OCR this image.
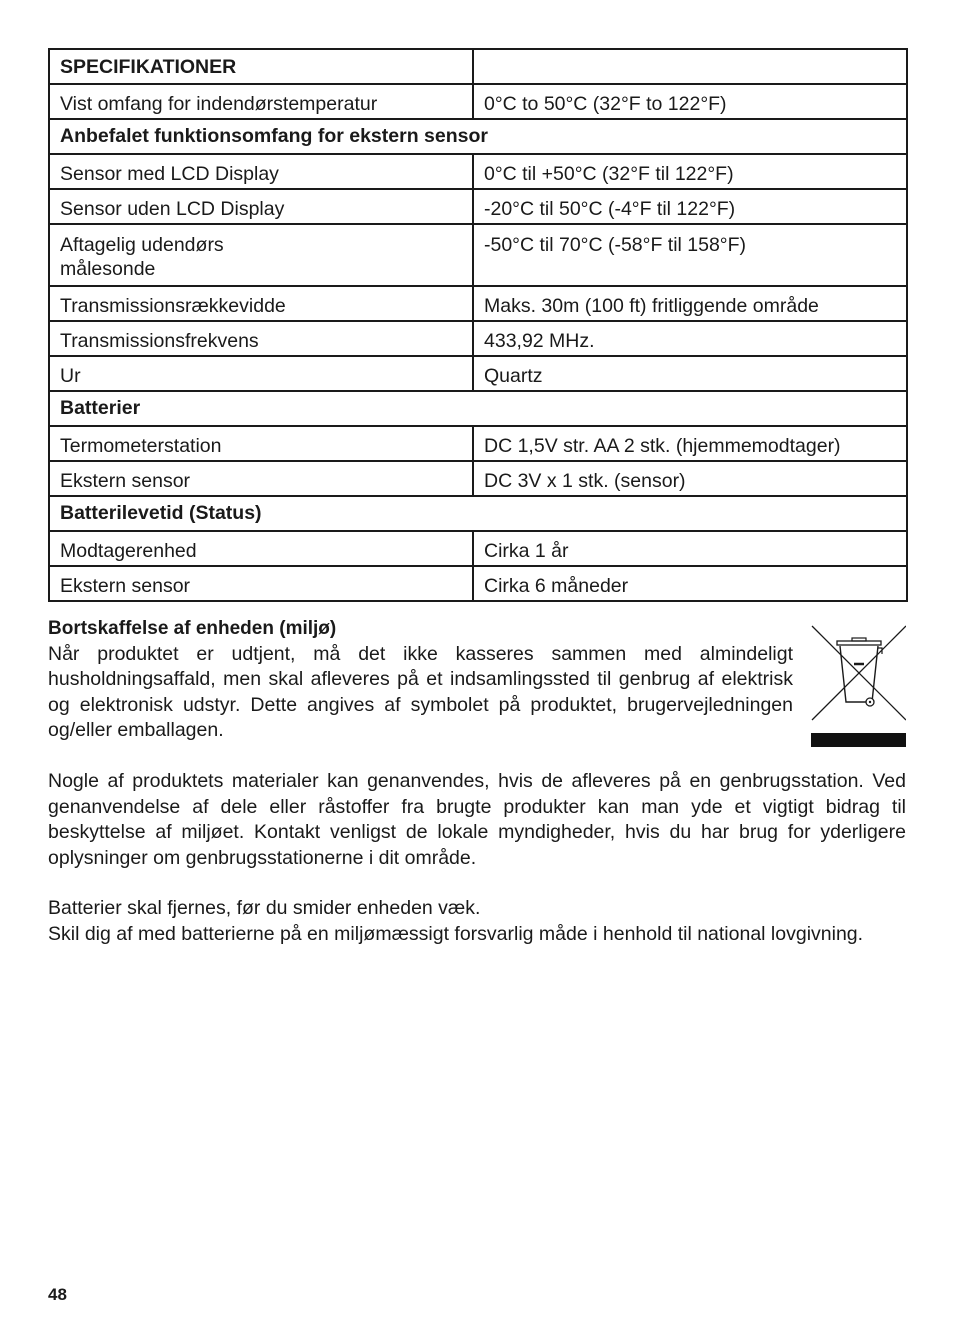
SPECIFIKATIONER	
Vist omfang for indendørstemperatur	0°C to 50°C (32°F to 122°F)
Anbefalet funktionsomfang for ekstern sensor	
Sensor med LCD Display	0°C til +50°C (32°F til 122°F)
Sensor uden LCD Display	-20°C til 50°C (-4°F til 122°F)

Aftagelig udendørs
målesonde	-50°C til 70°C (-58°F til 158°F)
Transmissionsrækkevidde	Maks. 30m (100 ft) fritliggende område
Transmissionsfrekvens	433,92 MHz.
Ur	Quartz
Batterier	
Termometerstation	DC 1,5V str. AA 2 stk. (hjemmemodtager)
Ekstern sensor	DC 3V x 1 stk. (sensor)
Batterilevetid (Status)	
Modtagerenhed	Cirka 1 år
Ekstern sensor	Cirka 6 måneder
Bortskaffelse af enheden (miljø)
Når produktet er udtjent, må det ikke kasseres sammen med almindeligt husholdningsaffald, men skal afleveres på et indsamlingssted til genbrug af elektrisk og elektronisk udstyr. Dette angives af symbolet på produktet, brugervejledningen og/eller emballagen.
Nogle af produktets materialer kan genanvendes, hvis de afleveres på en genbrugsstation. Ved genanvendelse af dele eller råstoffer fra brugte produkter kan man yde et vigtigt bidrag til beskyttelse af miljøet. Kontakt venligst de lokale myndigheder, hvis du har brug for yderligere oplysninger om genbrugsstationerne i dit område.
Batterier skal fjernes, før du smider enheden væk.
Skil dig af med batterierne på en miljømæssigt forsvarlig måde i henhold til national lovgivning.
48
